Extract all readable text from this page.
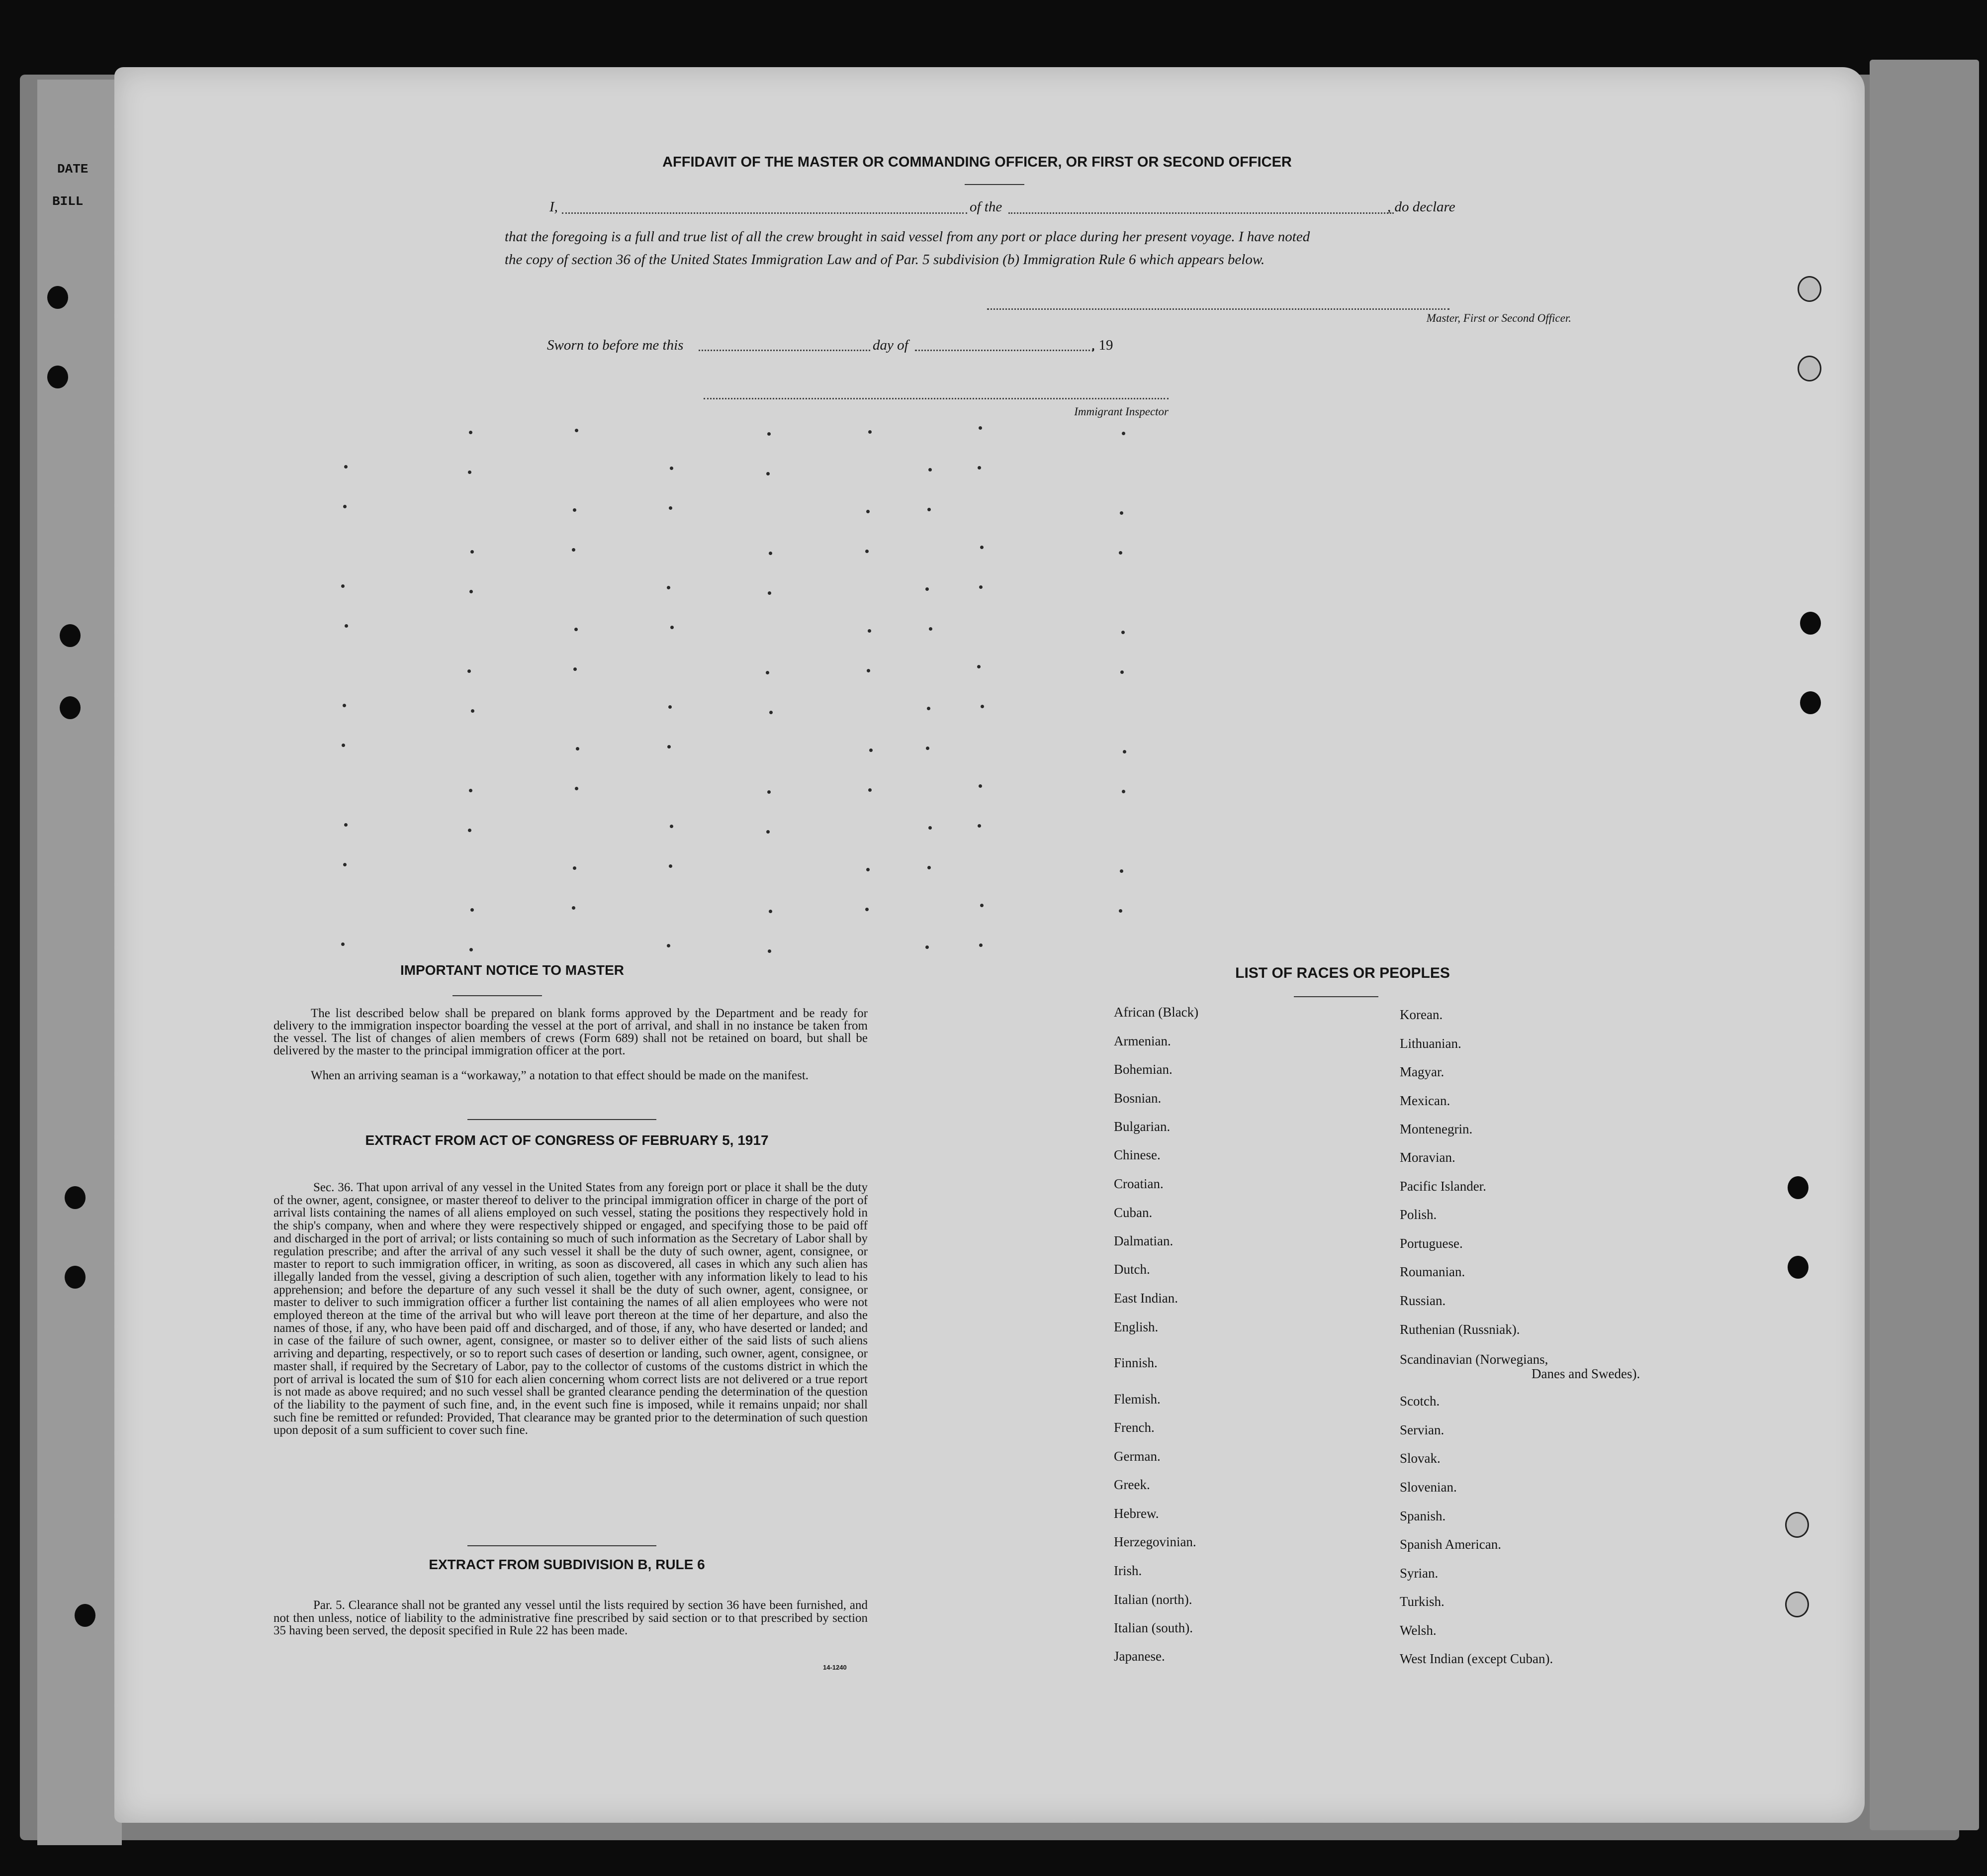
DATE
BILL
AFFIDAVIT OF THE MASTER OR COMMANDING OFFICER, OR FIRST OR SECOND OFFICER
I,	of the	, do declare
that the foregoing is a full and true list of all the crew brought in said vessel from any port or place during her present voyage. I have noted
the copy of section 36 of the United States Immigration Law and of Par. 5 subdivision (b) Immigration Rule 6 which appears below.
Master, First or Second Officer.
Sworn to before me this	day of	, 19
Immigrant Inspector
IMPORTANT NOTICE TO MASTER
The list described below shall be prepared on blank forms approved by the Department and be ready for delivery to the immigration inspector boarding the vessel at the port of arrival, and shall in no instance be taken from the vessel. The list of changes of alien members of crews (Form 689) shall not be retained on board, but shall be delivered by the master to the principal immigration officer at the port.
When an arriving seaman is a “workaway,” a notation to that effect should be made on the manifest.
EXTRACT FROM ACT OF CONGRESS OF FEBRUARY 5, 1917
Sec. 36. That upon arrival of any vessel in the United States from any foreign port or place it shall be the duty of the owner, agent, consignee, or master thereof to deliver to the principal immigration officer in charge of the port of arrival lists containing the names of all aliens employed on such vessel, stating the positions they respectively hold in the ship's company, when and where they were respectively shipped or engaged, and specifying those to be paid off and discharged in the port of arrival; or lists containing so much of such information as the Secretary of Labor shall by regulation prescribe; and after the arrival of any such vessel it shall be the duty of such owner, agent, consignee, or master to report to such immigration officer, in writing, as soon as discovered, all cases in which any such alien has illegally landed from the vessel, giving a description of such alien, together with any information likely to lead to his apprehension; and before the departure of any such vessel it shall be the duty of such owner, agent, consignee, or master to deliver to such immigration officer a further list containing the names of all alien employees who were not employed thereon at the time of the arrival but who will leave port thereon at the time of her departure, and also the names of those, if any, who have been paid off and discharged, and of those, if any, who have deserted or landed; and in case of the failure of such owner, agent, consignee, or master so to deliver either of the said lists of such aliens arriving and departing, respectively, or so to report such cases of desertion or landing, such owner, agent, consignee, or master shall, if required by the Secretary of Labor, pay to the collector of customs of the customs district in which the port of arrival is located the sum of $10 for each alien concerning whom correct lists are not delivered or a true report is not made as above required; and no such vessel shall be granted clearance pending the determination of the question of the liability to the payment of such fine, and, in the event such fine is imposed, while it remains unpaid; nor shall such fine be remitted or refunded: Provided, That clearance may be granted prior to the determination of such question upon deposit of a sum sufficient to cover such fine.
EXTRACT FROM SUBDIVISION B, RULE 6
Par. 5. Clearance shall not be granted any vessel until the lists required by section 36 have been furnished, and not then unless, notice of liability to the administrative fine prescribed by said section or to that prescribed by section 35 having been served, the deposit specified in Rule 22 has been made.
14-1240
LIST OF RACES OR PEOPLES
African (Black)
Armenian.
Bohemian.
Bosnian.
Bulgarian.
Chinese.
Croatian.
Cuban.
Dalmatian.
Dutch.
East Indian.
English.
Finnish.
Flemish.
French.
German.
Greek.
Hebrew.
Herzegovinian.
Irish.
Italian (north).
Italian (south).
Japanese.
Korean.
Lithuanian.
Magyar.
Mexican.
Montenegrin.
Moravian.
Pacific Islander.
Polish.
Portuguese.
Roumanian.
Russian.
Ruthenian (Russniak).
Scandinavian (Norwegians,
Danes and Swedes).
Scotch.
Servian.
Slovak.
Slovenian.
Spanish.
Spanish American.
Syrian.
Turkish.
Welsh.
West Indian (except Cuban).
